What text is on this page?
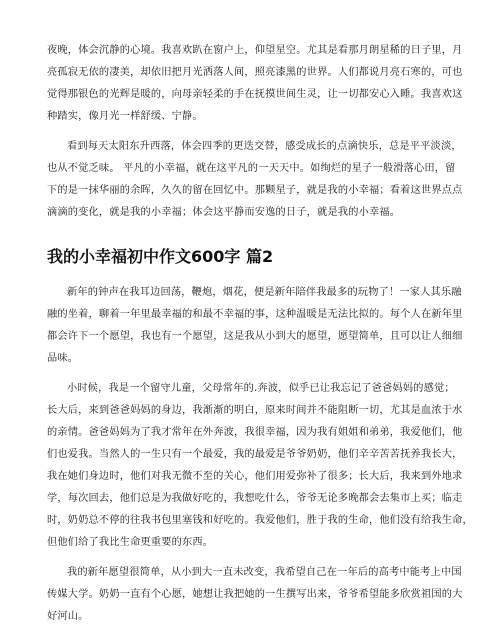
夜晚，体会沉静的心境。我喜欢趴在窗户上，仰望星空。尤其是看那月朗星稀的日子里，月
亮孤寂无依的凄美，却依旧把月光洒落人间，照亮漆黑的世界。人们都说月亮石寒的，可也
觉得那银色的光辉是暖的，向母亲轻柔的手在抚摸世间生灵，让一切都安心入睡。我喜欢这
种踏实，像月光一样舒缓、宁静。
看到每天太阳东升西落，体会四季的更迭交替，感受成长的点滴快乐，总是平平淡淡，
也从不觉乏味。 平凡的小幸福，就在这平凡的一天天中。如绚烂的星子一般滑落心田，留
下的是一抹华丽的余晖，久久的留在回忆中。那颗星子，就是我的小幸福；看着这世界点点
滴滴的变化，就是我的小幸福；体会这平静而安逸的日子，就是我的小幸福。
我的小幸福初中作文600字 篇2
新年的钟声在我耳边回荡，鞭炮，烟花，便是新年陪伴我最多的玩物了！一家人其乐融
融的坐着，聊着一年里最幸福的和最不幸福的事，这种温暖是无法比拟的。每个人在新年里
都会许下一个愿望，我也有一个愿望，这是我从小到大的愿望，愿望简单，且可以让人细细
品味。
小时候，我是一个留守儿童，父母常年的.奔波，似乎已让我忘记了爸爸妈妈的感觉；
长大后，来到爸爸妈妈的身边，我渐渐的明白，原来时间并不能阻断一切，尤其是血浓于水
的亲情。爸爸妈妈为了我才常年在外奔波，我很幸福，因为我有姐姐和弟弟，我爱他们，他
们也爱我。当然人的一生只有一个最爱，我的最爱是爷爷奶奶，他们辛辛苦苦抚养我长大，
我在她们身边时，他们对我无微不至的关心，他们用爱弥补了很多；长大后，我来到外地求
学，每次回去，他们总是为我做好吃的，我想吃什么，爷爷无论多晚都会去集市上买；临走
时，奶奶总不停的往我书包里塞钱和好吃的。我爱他们，胜于我的生命，他们没有给我生命，
但他们给了我比生命更重要的东西。
我的新年愿望很简单，从小到大一直未改变，我希望自己在一年后的高考中能考上中国
传媒大学。奶奶一直有个心愿，她想让我把她的一生撰写出来，爷爷希望能多欣赏祖国的大
好河山。
